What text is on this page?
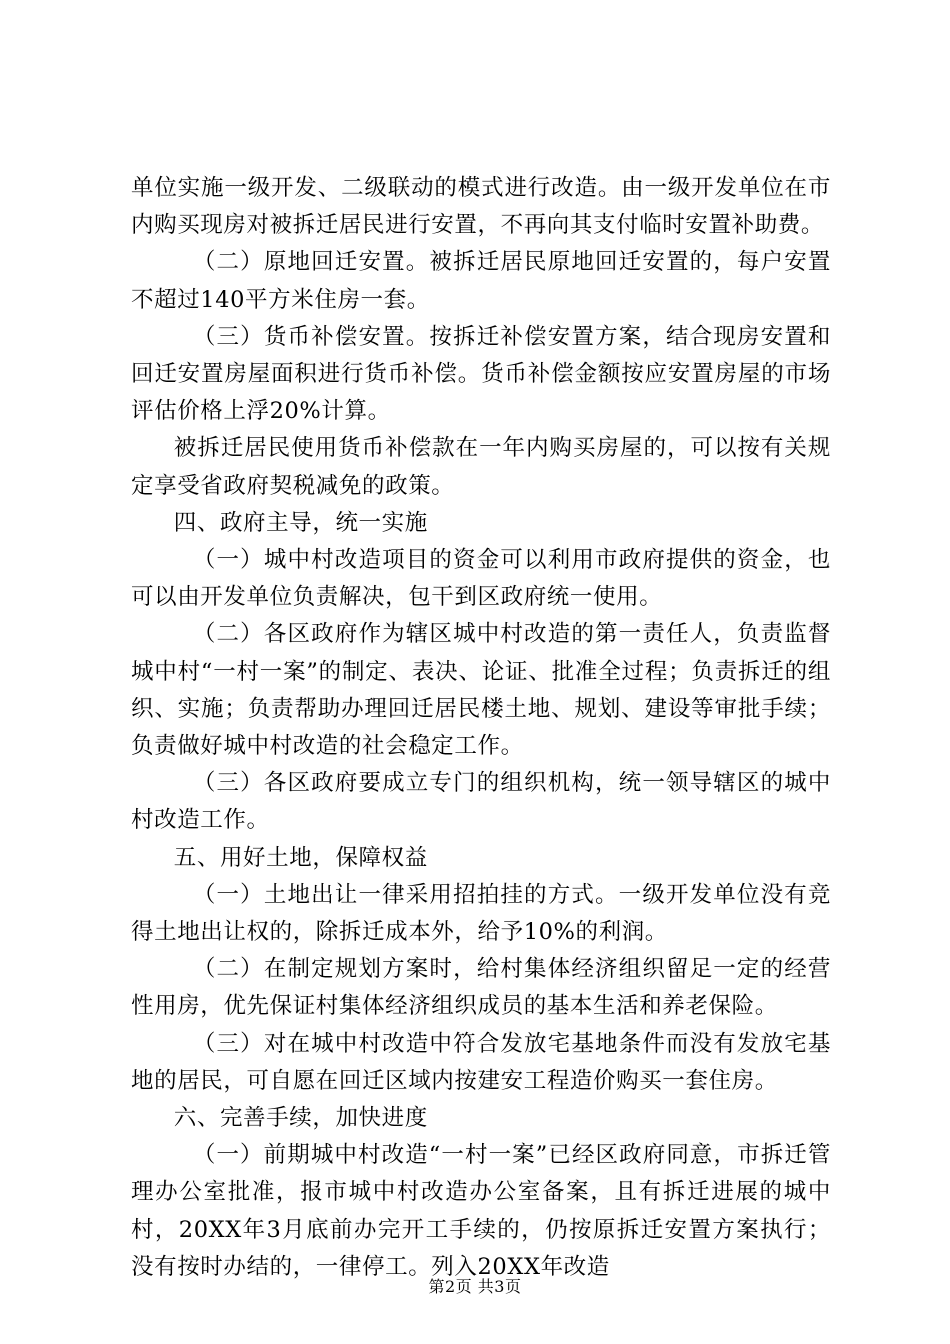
单位实施一级开发、二级联动的模式进行改造。由一级开发单位在市内购买现房对被拆迁居民进行安置，不再向其支付临时安置补助费。

（二）原地回迁安置。被拆迁居民原地回迁安置的，每户安置不超过140平方米住房一套。

（三）货币补偿安置。按拆迁补偿安置方案，结合现房安置和回迁安置房屋面积进行货币补偿。货币补偿金额按应安置房屋的市场评估价格上浮20%计算。

被拆迁居民使用货币补偿款在一年内购买房屋的，可以按有关规定享受省政府契税减免的政策。

四、政府主导，统一实施

（一）城中村改造项目的资金可以利用市政府提供的资金，也可以由开发单位负责解决，包干到区政府统一使用。

（二）各区政府作为辖区城中村改造的第一责任人，负责监督城中村“一村一案”的制定、表决、论证、批准全过程；负责拆迁的组织、实施；负责帮助办理回迁居民楼土地、规划、建设等审批手续；负责做好城中村改造的社会稳定工作。

（三）各区政府要成立专门的组织机构，统一领导辖区的城中村改造工作。

五、用好土地，保障权益

（一）土地出让一律采用招拍挂的方式。一级开发单位没有竞得土地出让权的，除拆迁成本外，给予10%的利润。

（二）在制定规划方案时，给村集体经济组织留足一定的经营性用房，优先保证村集体经济组织成员的基本生活和养老保险。

（三）对在城中村改造中符合发放宅基地条件而没有发放宅基地的居民，可自愿在回迁区域内按建安工程造价购买一套住房。

六、完善手续，加快进度

（一）前期城中村改造“一村一案”已经区政府同意，市拆迁管理办公室批准，报市城中村改造办公室备案，且有拆迁进展的城中村，20XX年3月底前办完开工手续的，仍按原拆迁安置方案执行；没有按时办结的，一律停工。列入20XX年改造

第2页 共3页
